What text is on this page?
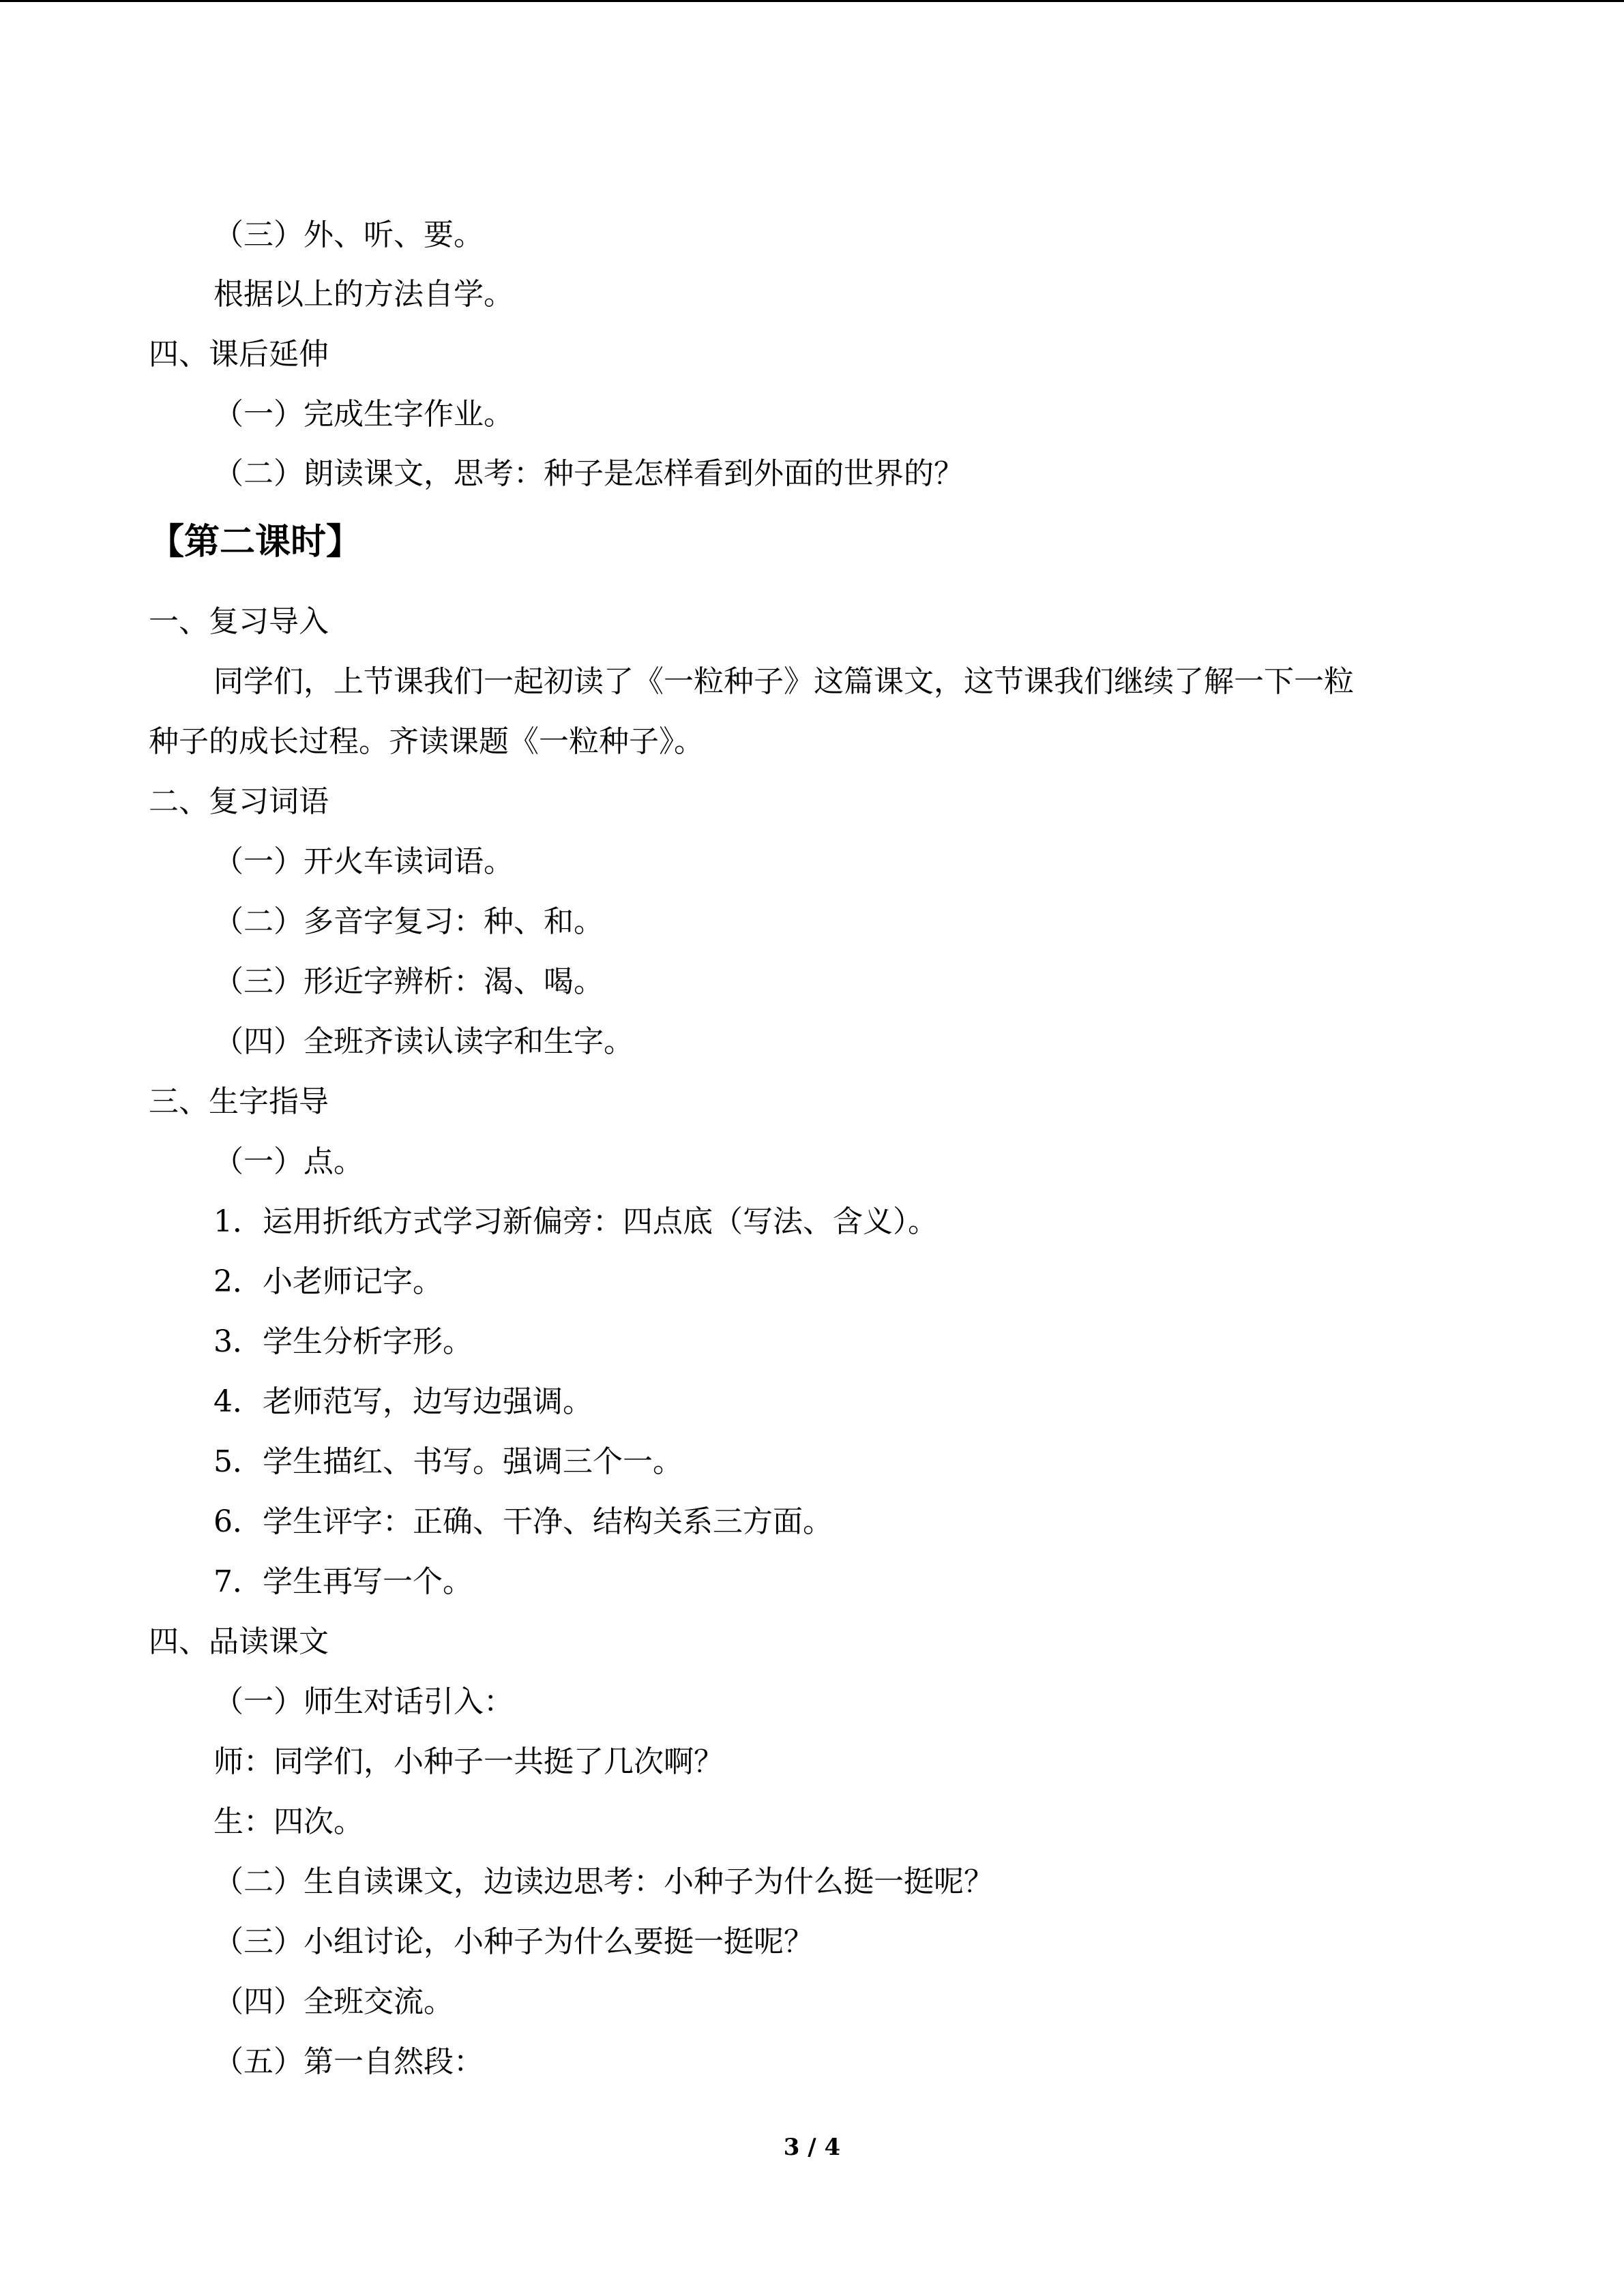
（三）外、听、要。
根据以上的方法自学。
四、课后延伸
（一）完成生字作业。
（二）朗读课文，思考：种子是怎样看到外面的世界的？
【第二课时】
一、复习导入
同学们，上节课我们一起初读了《一粒种子》这篇课文，这节课我们继续了解一下一粒
种子的成长过程。齐读课题《一粒种子》。
二、复习词语
（一）开火车读词语。
（二）多音字复习：种、和。
（三）形近字辨析：渴、喝。
（四）全班齐读认读字和生字。
三、生字指导
（一）点。
1．运用折纸方式学习新偏旁：四点底（写法、含义）。
2．小老师记字。
3．学生分析字形。
4．老师范写，边写边强调。
5．学生描红、书写。强调三个一。
6．学生评字：正确、干净、结构关系三方面。
7．学生再写一个。
四、品读课文
（一）师生对话引入：
师：同学们，小种子一共挺了几次啊？
生：四次。
（二）生自读课文，边读边思考：小种子为什么挺一挺呢？
（三）小组讨论，小种子为什么要挺一挺呢？
（四）全班交流。
（五）第一自然段：
3 / 4
